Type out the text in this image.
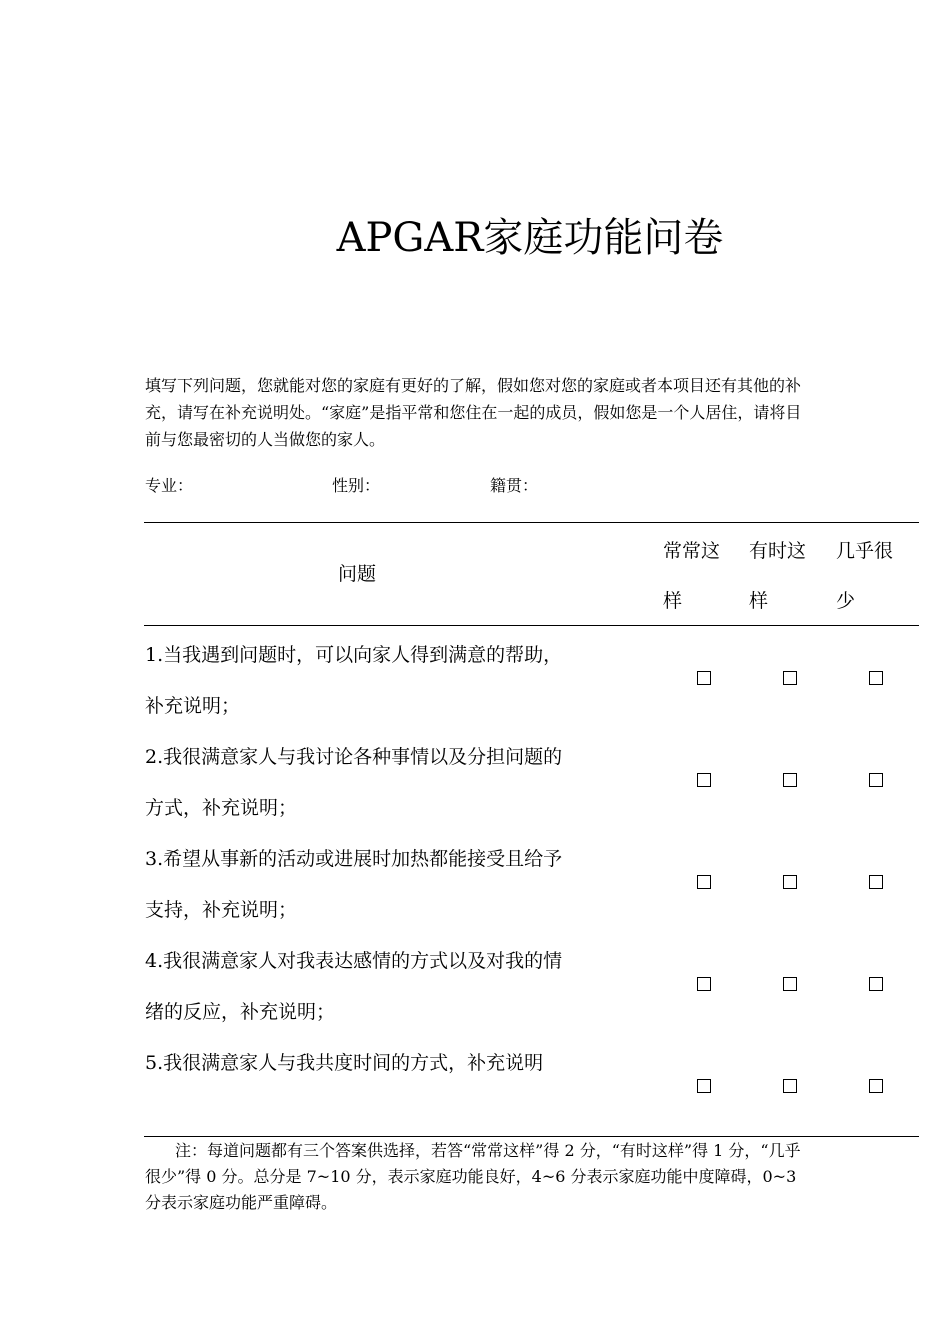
APGAR家庭功能问卷
填写下列问题，您就能对您的家庭有更好的了解，假如您对您的家庭或者本项目还有其他的补充，请写在补充说明处。“家庭”是指平常和您住在一起的成员，假如您是一个人居住，请将目前与您最密切的人当做您的家人。
专业：	性别：	籍贯：
问题
常常这样
有时这样
几乎很少
1.当我遇到问题时，可以向家人得到满意的帮助，补充说明；
2.我很满意家人与我讨论各种事情以及分担问题的方式，补充说明；
3.希望从事新的活动或进展时加热都能接受且给予支持，补充说明；
4.我很满意家人对我表达感情的方式以及对我的情绪的反应，补充说明；
5.我很满意家人与我共度时间的方式，补充说明
注：每道问题都有三个答案供选择，若答“常常这样”得 2 分，“有时这样”得 1 分，“几乎很少”得 0 分。总分是 7~10 分，表示家庭功能良好，4~6 分表示家庭功能中度障碍，0~3 分表示家庭功能严重障碍。
